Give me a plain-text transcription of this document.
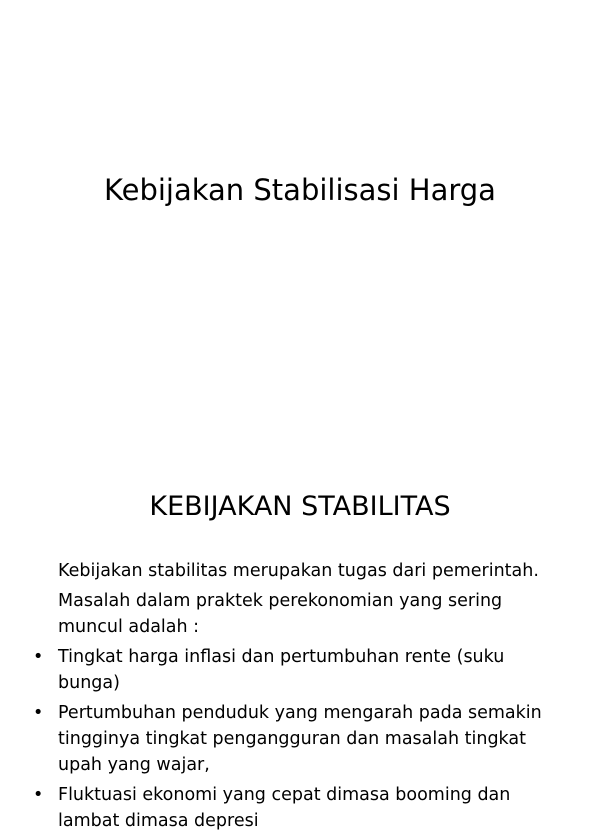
Kebijakan Stabilisasi Harga
KEBIJAKAN STABILITAS

Kebijakan stabilitas merupakan tugas dari pemerintah.

Masalah dalam praktek perekonomian yang sering muncul adalah :

• Tingkat harga inflasi dan pertumbuhan rente (suku bunga)
• Pertumbuhan penduduk yang mengarah pada semakin tingginya tingkat pengangguran dan masalah tingkat upah yang wajar,
• Fluktuasi ekonomi yang cepat dimasa booming dan lambat dimasa depresi
